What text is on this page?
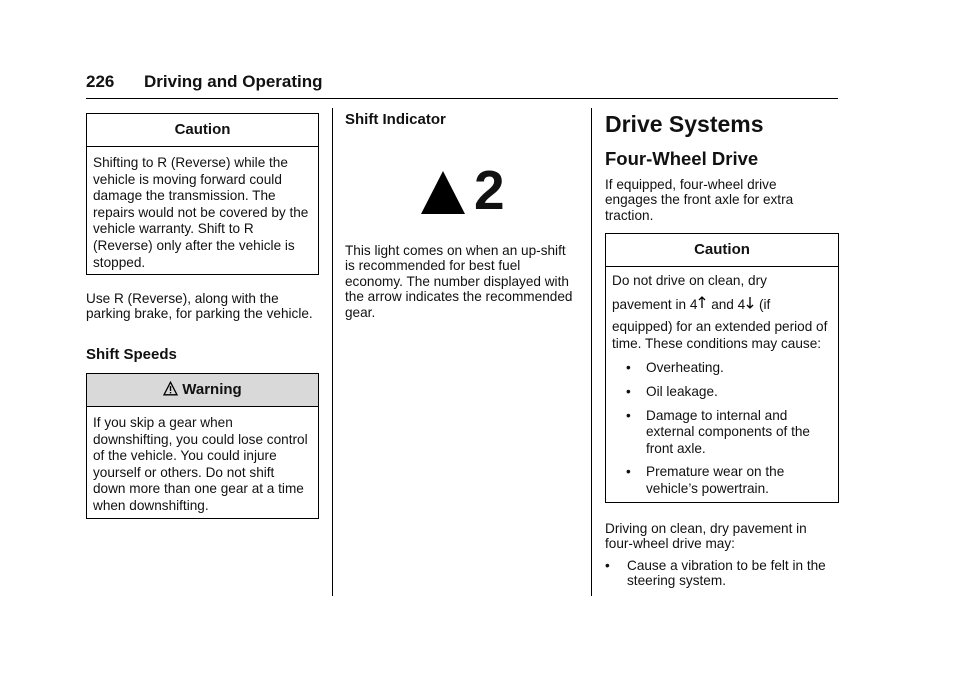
226 Driving and Operating
Caution
Shifting to R (Reverse) while the vehicle is moving forward could damage the transmission. The repairs would not be covered by the vehicle warranty. Shift to R (Reverse) only after the vehicle is stopped.
Use R (Reverse), along with the parking brake, for parking the vehicle.
Shift Speeds
Warning
If you skip a gear when downshifting, you could lose control of the vehicle. You could injure yourself or others. Do not shift down more than one gear at a time when downshifting.
Shift Indicator
2
This light comes on when an up-shift is recommended for best fuel economy. The number displayed with the arrow indicates the recommended gear.
Drive Systems
Four-Wheel Drive
If equipped, four-wheel drive engages the front axle for extra traction.
Caution
Do not drive on clean, dry
pavement in 4 and 4 (if
equipped) for an extended period of time. These conditions may cause:
• Overheating.
• Oil leakage.
• Damage to internal and external components of the front axle.
• Premature wear on the vehicle’s powertrain.
Driving on clean, dry pavement in four-wheel drive may:
• Cause a vibration to be felt in the steering system.
